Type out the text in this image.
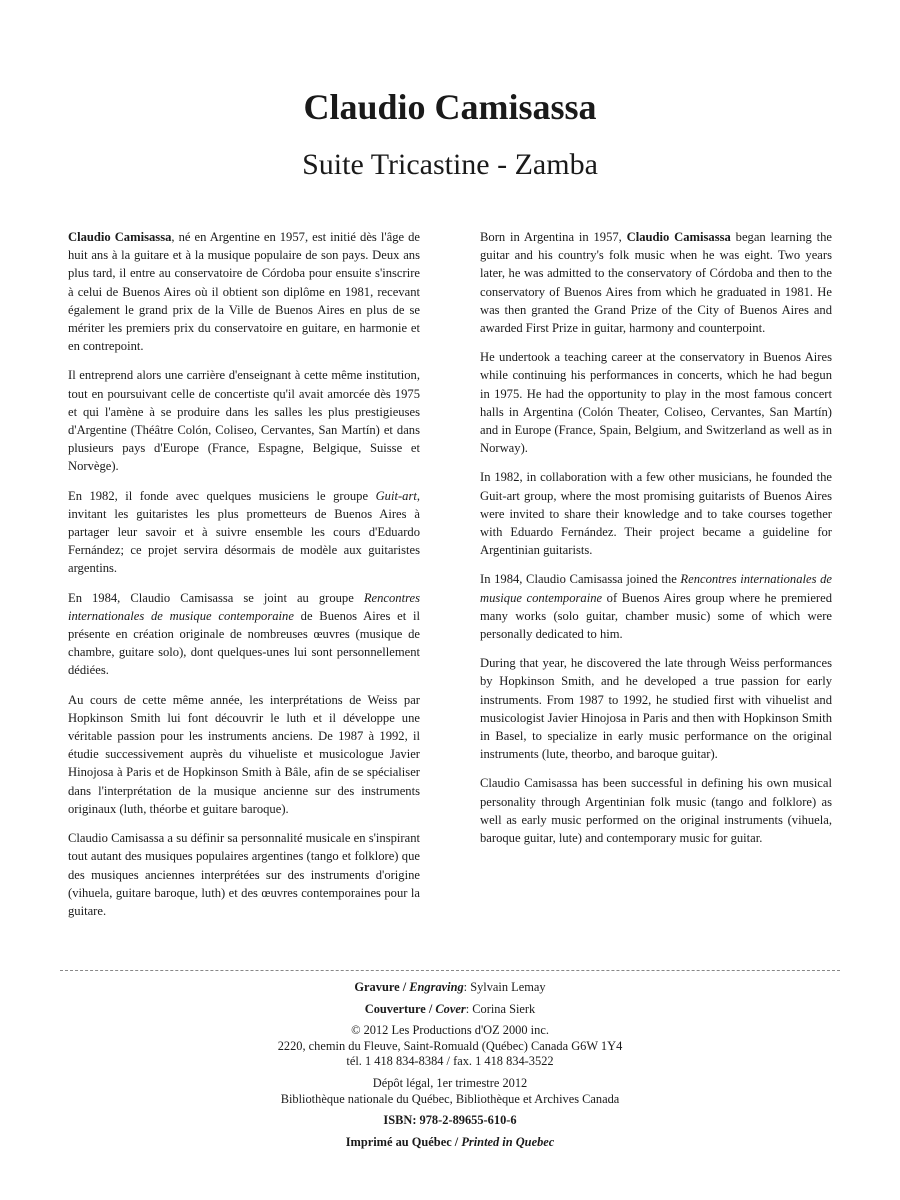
Claudio Camisassa
Suite Tricastine - Zamba

Claudio Camisassa, né en Argentine en 1957, est initié dès l'âge de huit ans à la guitare et à la musique populaire de son pays. Deux ans plus tard, il entre au conservatoire de Córdoba pour ensuite s'inscrire à celui de Buenos Aires où il obtient son diplôme en 1981, recevant également le grand prix de la Ville de Buenos Aires en plus de se mériter les premiers prix du conservatoire en guitare, en harmonie et en contrepoint.

Il entreprend alors une carrière d'enseignant à cette même institution, tout en poursuivant celle de concertiste qu'il avait amorcée dès 1975 et qui l'amène à se produire dans les salles les plus prestigieuses d'Argentine (Théâtre Colón, Coliseo, Cervantes, San Martín) et dans plusieurs pays d'Europe (France, Espagne, Belgique, Suisse et Norvège).

En 1982, il fonde avec quelques musiciens le groupe Guit-art, invitant les guitaristes les plus prometteurs de Buenos Aires à partager leur savoir et à suivre ensemble les cours d'Eduardo Fernández; ce projet servira désormais de modèle aux guitaristes argentins.

En 1984, Claudio Camisassa se joint au groupe Rencontres internationales de musique contemporaine de Buenos Aires et il présente en création originale de nombreuses œuvres (musique de chambre, guitare solo), dont quelques-unes lui sont personnellement dédiées.

Au cours de cette même année, les interprétations de Weiss par Hopkinson Smith lui font découvrir le luth et il développe une véritable passion pour les instruments anciens. De 1987 à 1992, il étudie successivement auprès du vihueliste et musicologue Javier Hinojosa à Paris et de Hopkinson Smith à Bâle, afin de se spécialiser dans l'interprétation de la musique ancienne sur des instruments originaux (luth, théorbe et guitare baroque).

Claudio Camisassa a su définir sa personnalité musicale en s'inspirant tout autant des musiques populaires argentines (tango et folklore) que des musiques anciennes interprétées sur des instruments d'origine (vihuela, guitare baroque, luth) et des œuvres contemporaines pour la guitare.

Born in Argentina in 1957, Claudio Camisassa began learning the guitar and his country's folk music when he was eight. Two years later, he was admitted to the conservatory of Córdoba and then to the conservatory of Buenos Aires from which he graduated in 1981. He was then granted the Grand Prize of the City of Buenos Aires and awarded First Prize in guitar, harmony and counterpoint.

He undertook a teaching career at the conservatory in Buenos Aires while continuing his performances in concerts, which he had begun in 1975. He had the opportunity to play in the most famous concert halls in Argentina (Colón Theater, Coliseo, Cervantes, San Martín) and in Europe (France, Spain, Belgium, and Switzerland as well as in Norway).

In 1982, in collaboration with a few other musicians, he founded the Guit-art group, where the most promising guitarists of Buenos Aires were invited to share their knowledge and to take courses together with Eduardo Fernández. Their project became a guideline for Argentinian guitarists.

In 1984, Claudio Camisassa joined the Rencontres internationales de musique contemporaine of Buenos Aires group where he premiered many works (solo guitar, chamber music) some of which were personally dedicated to him.

During that year, he discovered the late through Weiss performances by Hopkinson Smith, and he developed a true passion for early instruments. From 1987 to 1992, he studied first with vihuelist and musicologist Javier Hinojosa in Paris and then with Hopkinson Smith in Basel, to specialize in early music performance on the original instruments (lute, theorbo, and baroque guitar).

Claudio Camisassa has been successful in defining his own musical personality through Argentinian folk music (tango and folklore) as well as early music performed on the original instruments (vihuela, baroque guitar, lute) and contemporary music for guitar.

Gravure / Engraving: Sylvain Lemay
Couverture / Cover: Corina Sierk
© 2012 Les Productions d'OZ 2000 inc.
2220, chemin du Fleuve, Saint-Romuald (Québec) Canada G6W 1Y4
tél. 1 418 834-8384 / fax. 1 418 834-3522
Dépôt légal, 1er trimestre 2012
Bibliothèque nationale du Québec, Bibliothèque et Archives Canada
ISBN: 978-2-89655-610-6
Imprimé au Québec / Printed in Quebec
